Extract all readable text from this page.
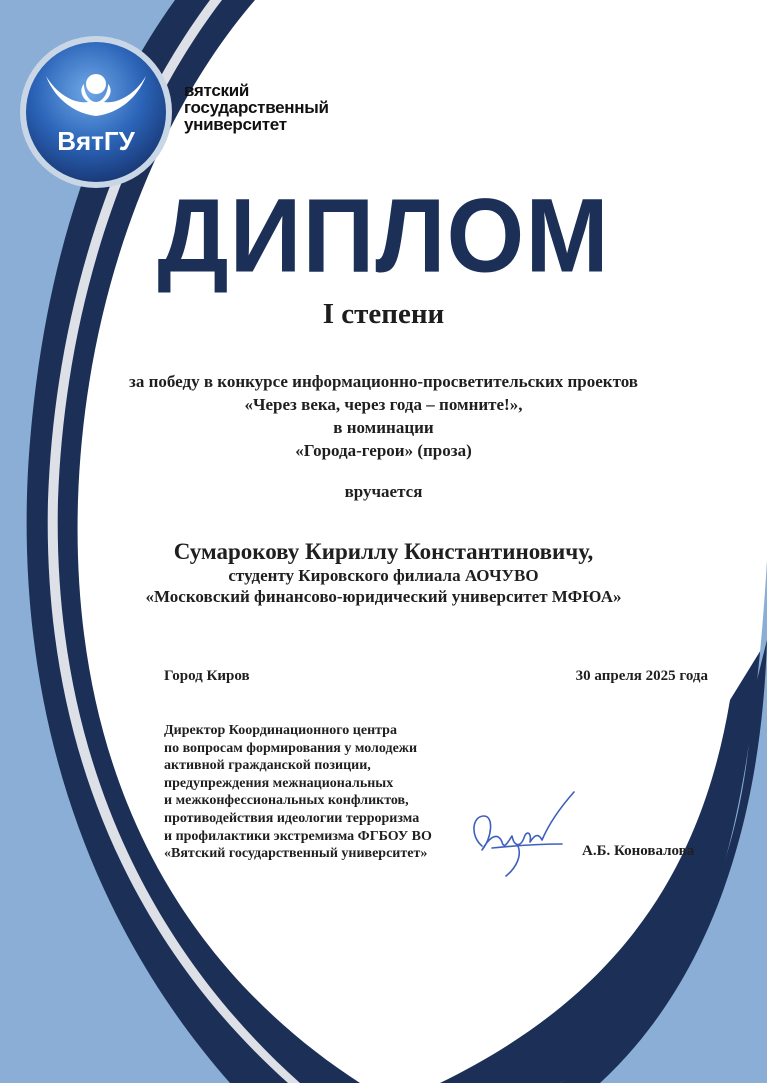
ВятГУ
вятский
государственный
университет
ДИПЛОМ
I степени
за победу в конкурсе информационно-просветительских проектов
«Через века, через года – помните!»,
в номинации
«Города-герои» (проза)
вручается
Сумарокову Кириллу Константиновичу,
студенту Кировского филиала АОЧУВО
«Московский финансово-юридический университет МФЮА»
Город Киров	30 апреля 2025 года
Директор Координационного центра
по вопросам формирования у молодежи
активной гражданской позиции,
предупреждения межнациональных
и межконфессиональных конфликтов,
противодействия идеологии терроризма
и профилактики экстремизма ФГБОУ ВО
«Вятский государственный университет»	А.Б. Коновалова
